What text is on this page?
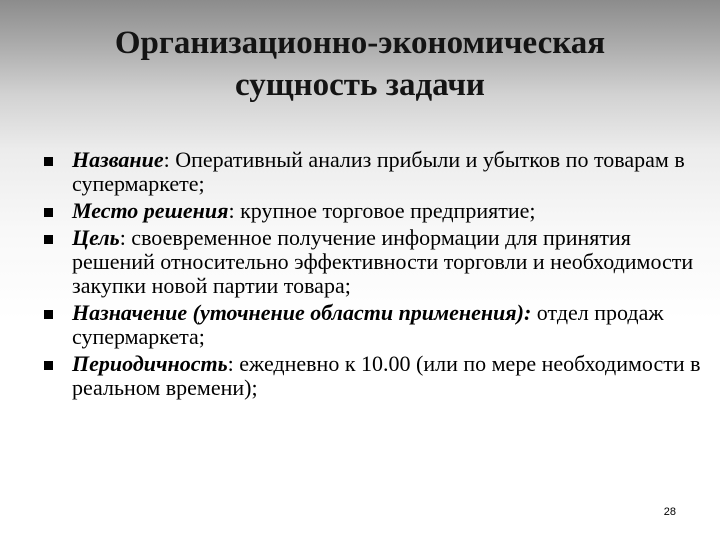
Организационно-экономическая
сущность задачи
Название: Оперативный анализ прибыли и убытков по товарам в супермаркете;
Место решения: крупное торговое предприятие;
Цель: своевременное получение информации для принятия решений относительно эффективности торговли и необходимости закупки новой партии товара;
Назначение (уточнение области применения): отдел продаж супермаркета;
Периодичность: ежедневно к 10.00 (или по мере необходимости в реальном времени);
28
